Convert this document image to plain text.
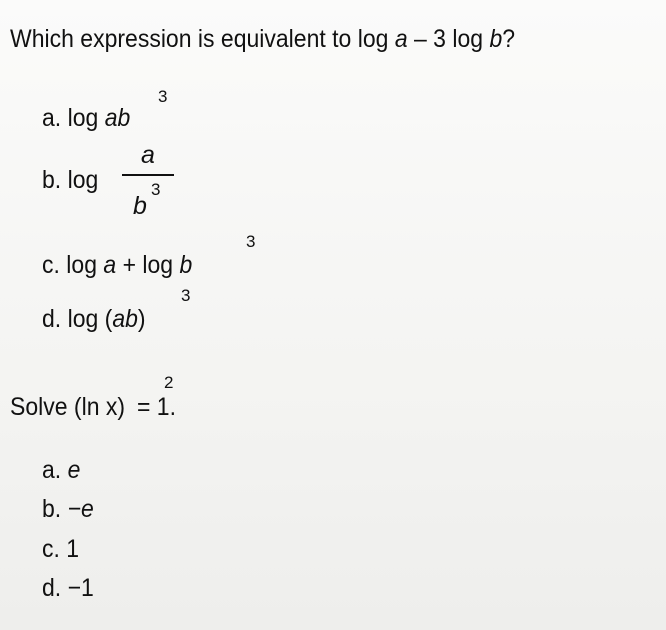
Which expression is equivalent to log a – 3 log b?
a. log ab
3
b. log
a
b
3
c. log a + log b
3
d. log (ab)
3
Solve (ln x) = 1.
2
a. e
b. −e
c. 1
d. −1
